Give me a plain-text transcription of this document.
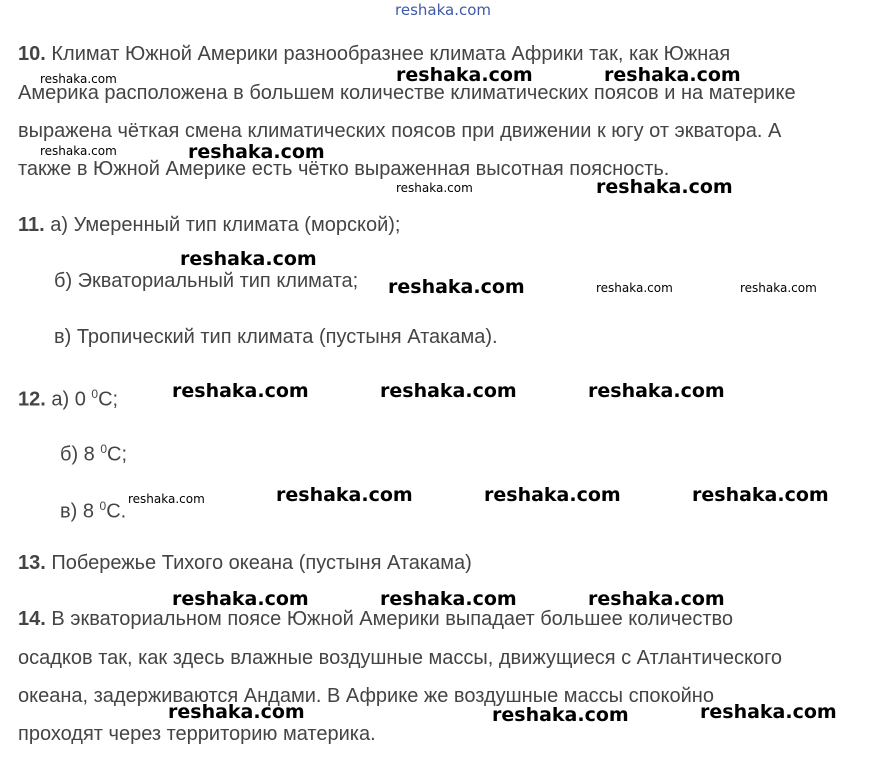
reshaka.com
10. Климат Южной Америки разнообразнее климата Африки так, как Южная
Америка расположена в большем количестве климатических поясов и на материке
выражена чёткая смена климатических поясов при движении к югу от экватора. А
также в Южной Америке есть чётко выраженная высотная поясность.
11. а) Умеренный тип климата (морской);
б) Экваториальный тип климата;
в) Тропический тип климата (пустыня Атакама).
12. а) 0 $^0$С;
б) 8 $^0$С;
в) 8 $^0$С.
13. Побережье Тихого океана (пустыня Атакама)
14. В экваториальном поясе Южной Америки выпадает большее количество
осадков так, как здесь влажные воздушные массы, движущиеся с Атлантического
океана, задерживаются Андами. В Африке же воздушные массы спокойно
проходят через территорию материка.
reshaka.com	reshaka.com
reshaka.com
reshaka.com
reshaka.com
reshaka.com
reshaka.com	reshaka.com	reshaka.com
reshaka.com	reshaka.com	reshaka.com
reshaka.com	reshaka.com	reshaka.com
reshaka.com	reshaka.com	reshaka.com
reshaka.com
reshaka.com
reshaka.com
reshaka.com	reshaka.com
reshaka.com
